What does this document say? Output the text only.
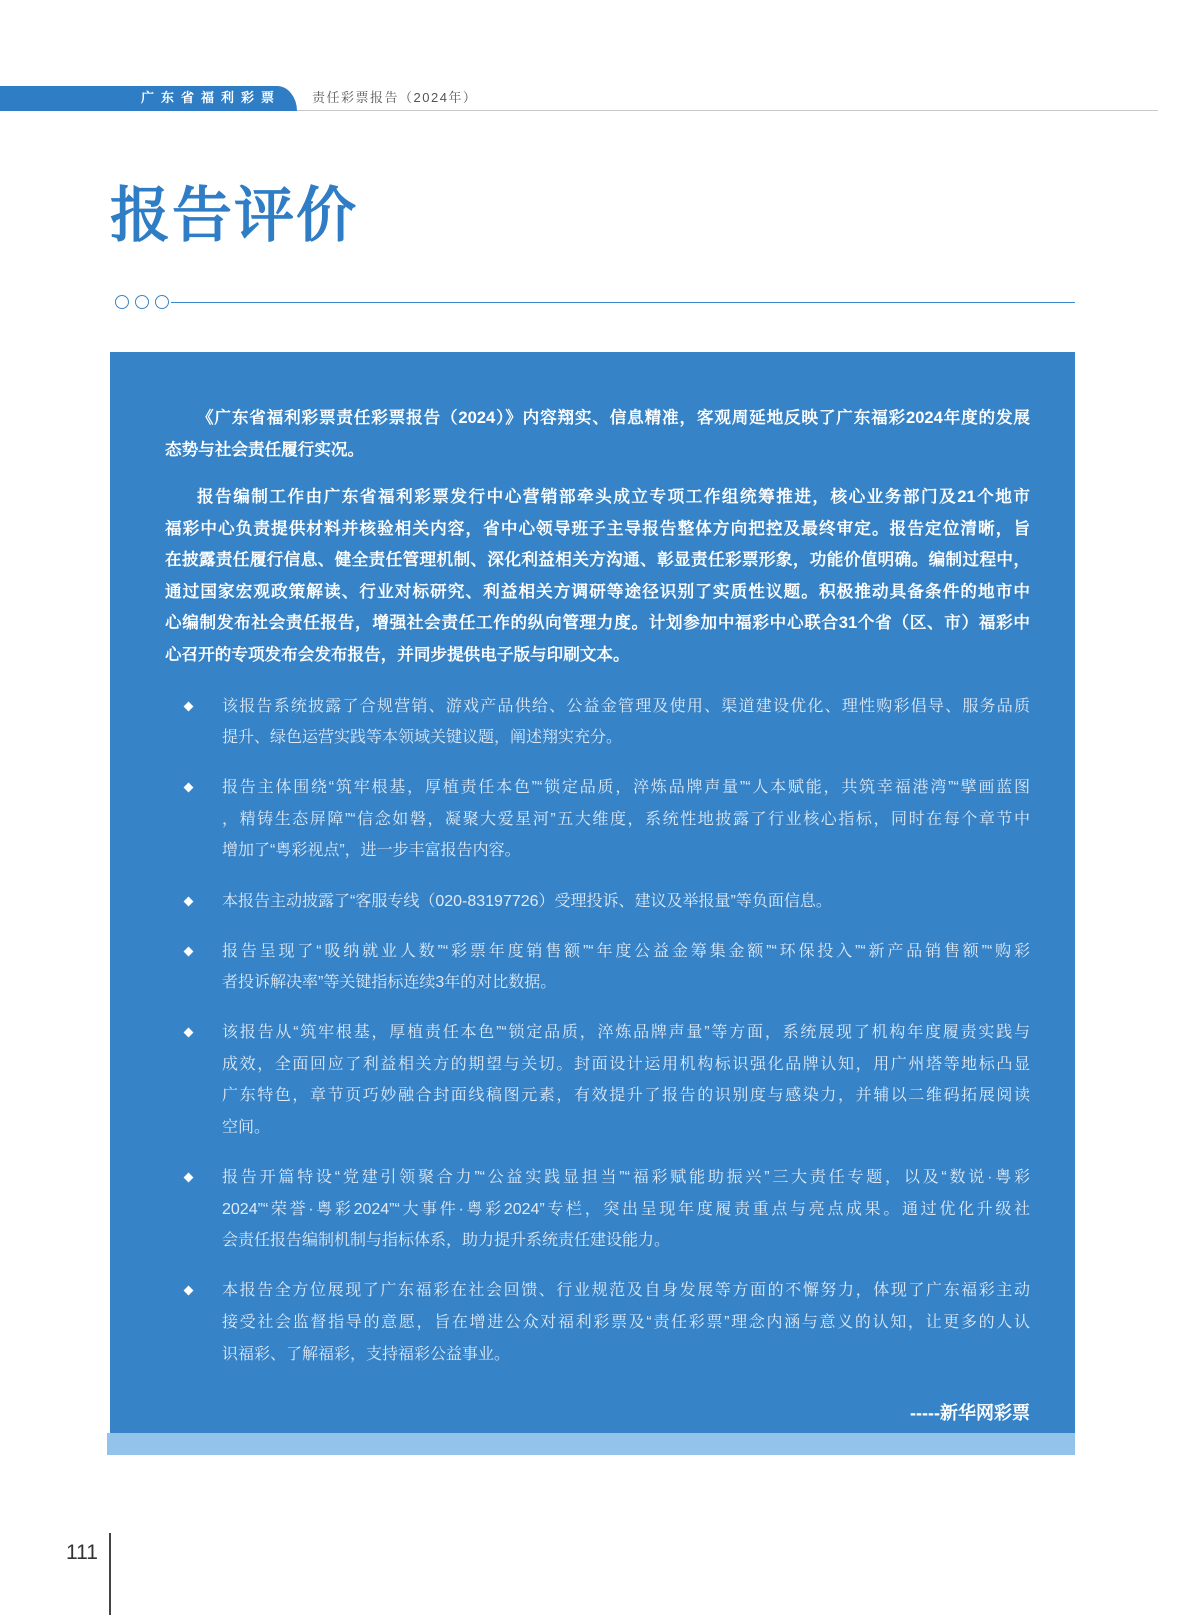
广东省福利彩票 责任彩票报告（2024年）
报告评价
《广东省福利彩票责任彩票报告（2024）》内容翔实、信息精准，客观周延地反映了广东福彩2024年度的发展
态势与社会责任履行实况。
报告编制工作由广东省福利彩票发行中心营销部牵头成立专项工作组统筹推进，核心业务部门及21个地市
福彩中心负责提供材料并核验相关内容，省中心领导班子主导报告整体方向把控及最终审定。报告定位清晰，旨
在披露责任履行信息、健全责任管理机制、深化利益相关方沟通、彰显责任彩票形象，功能价值明确。编制过程中，
通过国家宏观政策解读、行业对标研究、利益相关方调研等途径识别了实质性议题。积极推动具备条件的地市中
心编制发布社会责任报告，增强社会责任工作的纵向管理力度。计划参加中福彩中心联合31个省（区、市）福彩中
心召开的专项发布会发布报告，并同步提供电子版与印刷文本。
该报告系统披露了合规营销、游戏产品供给、公益金管理及使用、渠道建设优化、理性购彩倡导、服务品质
提升、绿色运营实践等本领域关键议题，阐述翔实充分。
报告主体围绕“筑牢根基，厚植责任本色”“锁定品质，淬炼品牌声量”“人本赋能，共筑幸福港湾”“擘画蓝图
，精铸生态屏障”“信念如磐，凝聚大爱星河”五大维度，系统性地披露了行业核心指标，同时在每个章节中
增加了“粤彩视点”，进一步丰富报告内容。
本报告主动披露了“客服专线（020-83197726）受理投诉、建议及举报量”等负面信息。
报告呈现了“吸纳就业人数”“彩票年度销售额”“年度公益金筹集金额”“环保投入”“新产品销售额”“购彩
者投诉解决率”等关键指标连续3年的对比数据。
该报告从“筑牢根基，厚植责任本色”“锁定品质，淬炼品牌声量”等方面，系统展现了机构年度履责实践与
成效，全面回应了利益相关方的期望与关切。封面设计运用机构标识强化品牌认知，用广州塔等地标凸显
广东特色，章节页巧妙融合封面线稿图元素，有效提升了报告的识别度与感染力，并辅以二维码拓展阅读
空间。
报告开篇特设“党建引领聚合力”“公益实践显担当”“福彩赋能助振兴”三大责任专题，以及“数说·粤彩
2024”“荣誉·粤彩2024”“大事件·粤彩2024”专栏，突出呈现年度履责重点与亮点成果。通过优化升级社
会责任报告编制机制与指标体系，助力提升系统责任建设能力。
本报告全方位展现了广东福彩在社会回馈、行业规范及自身发展等方面的不懈努力，体现了广东福彩主动
接受社会监督指导的意愿，旨在增进公众对福利彩票及“责任彩票”理念内涵与意义的认知，让更多的人认
识福彩、了解福彩，支持福彩公益事业。
-----新华网彩票
111
